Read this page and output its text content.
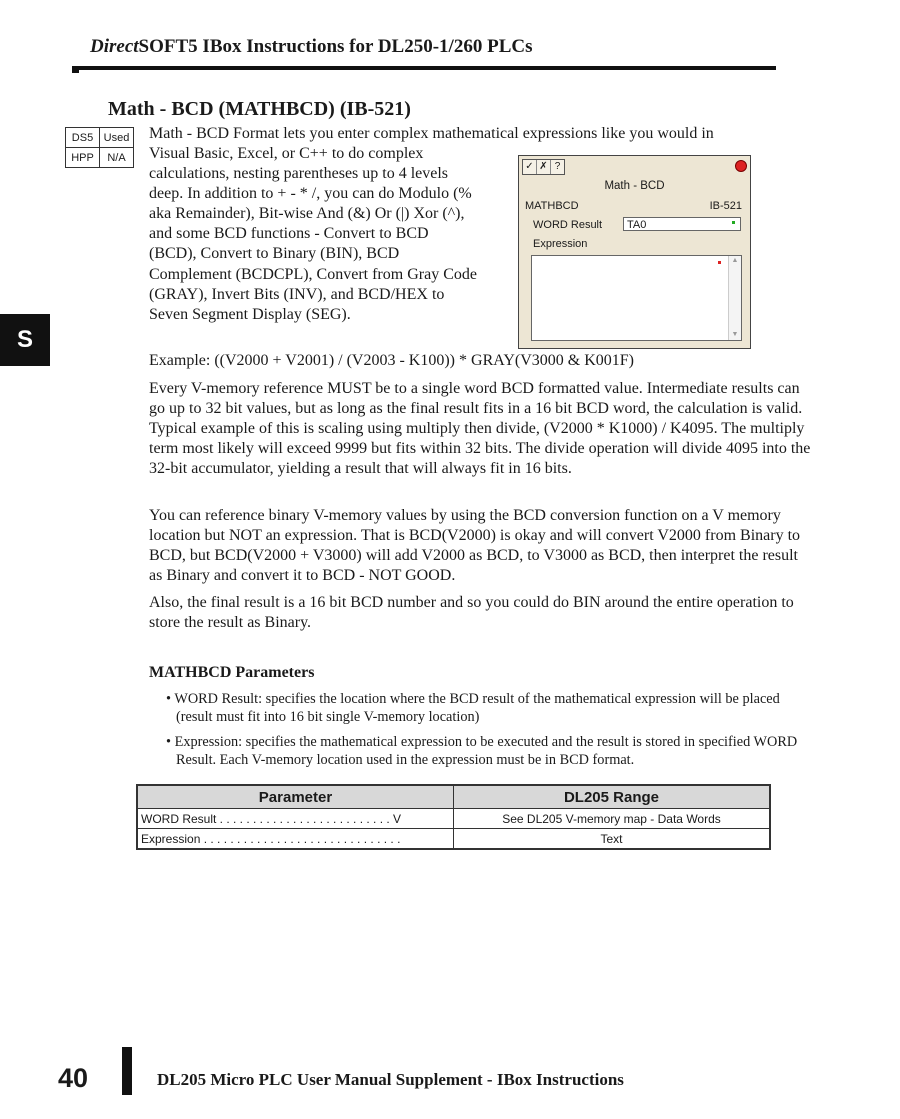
DirectSOFT5 IBox Instructions for DL250-1/260 PLCs
Math - BCD (MATHBCD) (IB-521)
DS5	Used
HPP	N/A
S

Math - BCD Format lets you enter complex mathematical expressions like you would in

Visual Basic, Excel, or C++ to do complex calculations, nesting parentheses up to 4 levels deep. In addition to + - * /, you can do Modulo (% aka Remainder), Bit-wise And (&) Or (|) Xor (^), and some BCD functions - Convert to BCD (BCD), Convert to Binary (BIN), BCD Complement (BCDCPL), Convert from Gray Code (GRAY), Invert Bits (INV), and BCD/HEX to Seven Segment Display (SEG).

✓ ✗ ?
Math - BCD
MATHBCD	IB-521
WORD Result	TA0
Expression
▲
▼

Example: ((V2000 + V2001) / (V2003 - K100)) * GRAY(V3000 & K001F)

Every V-memory reference MUST be to a single word BCD formatted value. Intermediate results can go up to 32 bit values, but as long as the final result fits in a 16 bit BCD word, the calculation is valid. Typical example of this is scaling using multiply then divide, (V2000 * K1000) / K4095. The multiply term most likely will exceed 9999 but fits within 32 bits. The divide operation will divide 4095 into the 32-bit accumulator, yielding a result that will always fit in 16 bits.

You can reference binary V-memory values by using the BCD conversion function on a V memory location but NOT an expression. That is BCD(V2000) is okay and will convert V2000 from Binary to BCD, but BCD(V2000 + V3000) will add V2000 as BCD, to V3000 as BCD, then interpret the result as Binary and convert it to BCD - NOT GOOD.

Also, the final result is a 16 bit BCD number and so you could do BIN around the entire operation to store the result as Binary.

MATHBCD Parameters
• WORD Result: specifies the location where the BCD result of the mathematical expression will be placed (result must fit into 16 bit single V-memory location)
• Expression: specifies the mathematical expression to be executed and the result is stored in specified WORD Result. Each V-memory location used in the expression must be in BCD format.
Parameter	DL205 Range
WORD Result . . . . . . . . . . . . . . . . . . . . . . . . . . V	See DL205 V-memory map - Data Words
Expression . . . . . . . . . . . . . . . . . . . . . . . . . . . . . .	Text
40	DL205 Micro PLC User Manual Supplement - IBox Instructions
